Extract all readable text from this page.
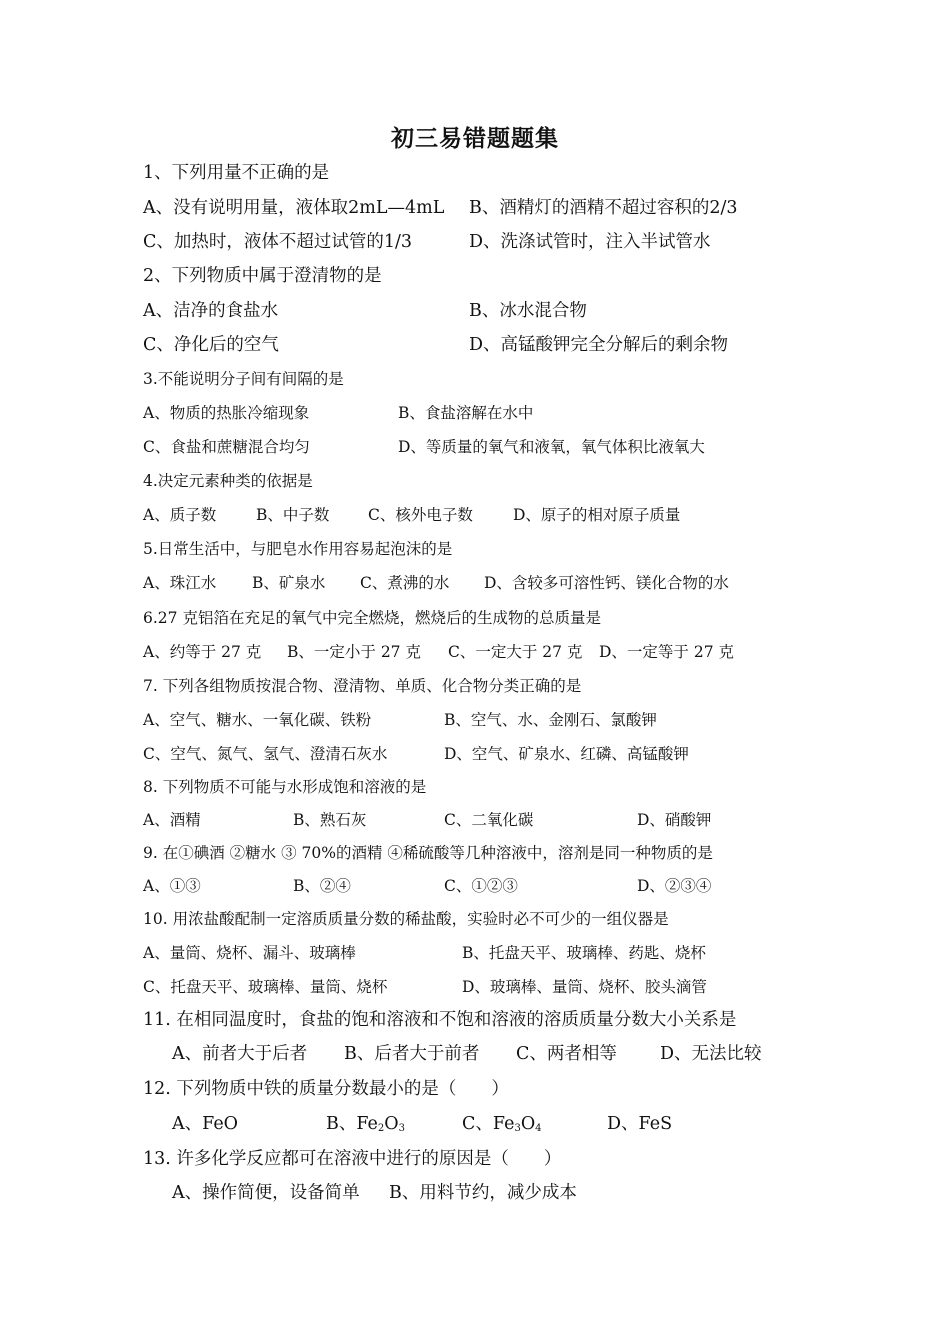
初三易错题题集
1、下列用量不正确的是
A、没有说明用量，液体取2mL—4mL B、酒精灯的酒精不超过容积的2/3
C、加热时，液体不超过试管的1/3	D、洗涤试管时，注入半试管水
2、下列物质中属于澄清物的是
A、洁净的食盐水	B、冰水混合物
C、净化后的空气	D、高锰酸钾完全分解后的剩余物
3.不能说明分子间有间隔的是
A、物质的热胀冷缩现象	B、食盐溶解在水中
C、食盐和蔗糖混合均匀	D、等质量的氧气和液氧，氧气体积比液氧大
4.决定元素种类的依据是
A、质子数	B、中子数 C、核外电子数	D、原子的相对原子质量
5.日常生活中，与肥皂水作用容易起泡沫的是
A、珠江水 B、矿泉水 C、煮沸的水 D、含较多可溶性钙、镁化合物的水
6.27 克铝箔在充足的氧气中完全燃烧，燃烧后的生成物的总质量是
A、约等于 27 克 B、一定小于 27 克 C、一定大于 27 克 D、一定等于 27 克
7. 下列各组物质按混合物、澄清物、单质、化合物分类正确的是
A、空气、糖水、一氧化碳、铁粉	B、空气、水、金刚石、氯酸钾
C、空气、氮气、氢气、澄清石灰水	D、空气、矿泉水、红磷、高锰酸钾
8. 下列物质不可能与水形成饱和溶液的是
A、酒精	B、熟石灰	C、二氧化碳	D、硝酸钾
9. 在①碘酒 ②糖水 ③ 70%的酒精 ④稀硫酸等几种溶液中，溶剂是同一种物质的是
A、①③	B、②④	C、①②③	D、②③④
10. 用浓盐酸配制一定溶质质量分数的稀盐酸，实验时必不可少的一组仪器是
A、量筒、烧杯、漏斗、玻璃棒	B、托盘天平、玻璃棒、药匙、烧杯
C、托盘天平、玻璃棒、量筒、烧杯	D、玻璃棒、量筒、烧杯、胶头滴管
11. 在相同温度时，食盐的饱和溶液和不饱和溶液的溶质质量分数大小关系是
A、前者大于后者 B、后者大于前者 C、两者相等 D、无法比较
12. 下列物质中铁的质量分数最小的是（　　）
A、FeO	B、$Fe_2O_3$	C、$Fe_3O_4$	D、FeS
13. 许多化学反应都可在溶液中进行的原因是（　　）
A、操作简便，设备简单 B、用料节约，减少成本
